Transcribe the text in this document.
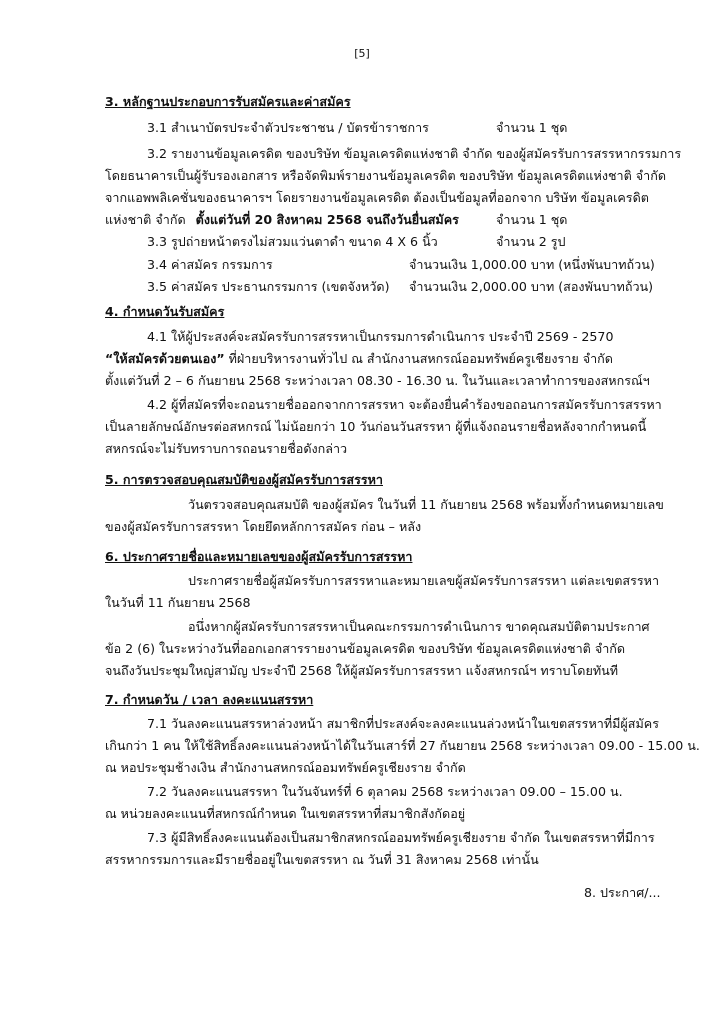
[5]
3. หลักฐานประกอบการรับสมัครและค่าสมัคร
3.1 สำเนาบัตรประจำตัวประชาชน / บัตรข้าราชการ	จำนวน 1 ชุด
3.2 รายงานข้อมูลเครดิต ของบริษัท ข้อมูลเครดิตแห่งชาติ จำกัด ของผู้สมัครรับการสรรหากรรมการ
โดยธนาคารเป็นผู้รับรองเอกสาร หรือจัดพิมพ์รายงานข้อมูลเครดิต ของบริษัท ข้อมูลเครดิตแห่งชาติ จำกัด
จากแอพพลิเคชั่นของธนาคารฯ โดยรายงานข้อมูลเครดิต ต้องเป็นข้อมูลที่ออกจาก บริษัท ข้อมูลเครดิต
แห่งชาติ จำกัด ตั้งแต่วันที่ 20 สิงหาคม 2568 จนถึงวันยื่นสมัคร	จำนวน 1 ชุด
3.3 รูปถ่ายหน้าตรงไม่สวมแว่นตาดำ ขนาด 4 X 6 นิ้ว	จำนวน 2 รูป
3.4 ค่าสมัคร กรรมการ	จำนวนเงิน 1,000.00 บาท (หนึ่งพันบาทถ้วน)
3.5 ค่าสมัคร ประธานกรรมการ (เขตจังหวัด) จำนวนเงิน 2,000.00 บาท (สองพันบาทถ้วน)
4. กำหนดวันรับสมัคร
4.1 ให้ผู้ประสงค์จะสมัครรับการสรรหาเป็นกรรมการดำเนินการ ประจำปี 2569 - 2570
“ให้สมัครด้วยตนเอง” ที่ฝ่ายบริหารงานทั่วไป ณ สำนักงานสหกรณ์ออมทรัพย์ครูเชียงราย จำกัด
ตั้งแต่วันที่ 2 – 6 กันยายน 2568 ระหว่างเวลา 08.30 - 16.30 น. ในวันและเวลาทำการของสหกรณ์ฯ
4.2 ผู้ที่สมัครที่จะถอนรายชื่อออกจากการสรรหา จะต้องยื่นคำร้องขอถอนการสมัครรับการสรรหา
เป็นลายลักษณ์อักษรต่อสหกรณ์ ไม่น้อยกว่า 10 วันก่อนวันสรรหา ผู้ที่แจ้งถอนรายชื่อหลังจากกำหนดนี้
สหกรณ์จะไม่รับทราบการถอนรายชื่อดังกล่าว
5. การตรวจสอบคุณสมบัติของผู้สมัครรับการสรรหา
วันตรวจสอบคุณสมบัติ ของผู้สมัคร ในวันที่ 11 กันยายน 2568 พร้อมทั้งกำหนดหมายเลข
ของผู้สมัครรับการสรรหา โดยยึดหลักการสมัคร ก่อน – หลัง
6. ประกาศรายชื่อและหมายเลขของผู้สมัครรับการสรรหา
ประกาศรายชื่อผู้สมัครรับการสรรหาและหมายเลขผู้สมัครรับการสรรหา แต่ละเขตสรรหา
ในวันที่ 11 กันยายน 2568
อนึ่งหากผู้สมัครรับการสรรหาเป็นคณะกรรมการดำเนินการ ขาดคุณสมบัติตามประกาศ
ข้อ 2 (6) ในระหว่างวันที่ออกเอกสารรายงานข้อมูลเครดิต ของบริษัท ข้อมูลเครดิตแห่งชาติ จำกัด
จนถึงวันประชุมใหญ่สามัญ ประจำปี 2568 ให้ผู้สมัครรับการสรรหา แจ้งสหกรณ์ฯ ทราบโดยทันที
7. กำหนดวัน / เวลา ลงคะแนนสรรหา
7.1 วันลงคะแนนสรรหาล่วงหน้า สมาชิกที่ประสงค์จะลงคะแนนล่วงหน้าในเขตสรรหาที่มีผู้สมัคร
เกินกว่า 1 คน ให้ใช้สิทธิ์ลงคะแนนล่วงหน้าได้ในวันเสาร์ที่ 27 กันยายน 2568 ระหว่างเวลา 09.00 - 15.00 น.
ณ หอประชุมช้างเงิน สำนักงานสหกรณ์ออมทรัพย์ครูเชียงราย จำกัด
7.2 วันลงคะแนนสรรหา ในวันจันทร์ที่ 6 ตุลาคม 2568 ระหว่างเวลา 09.00 – 15.00 น.
ณ หน่วยลงคะแนนที่สหกรณ์กำหนด ในเขตสรรหาที่สมาชิกสังกัดอยู่
7.3 ผู้มีสิทธิ์ลงคะแนนต้องเป็นสมาชิกสหกรณ์ออมทรัพย์ครูเชียงราย จำกัด ในเขตสรรหาที่มีการ
สรรหากรรมการและมีรายชื่ออยู่ในเขตสรรหา ณ วันที่ 31 สิงหาคม 2568 เท่านั้น
8. ประกาศ/...
